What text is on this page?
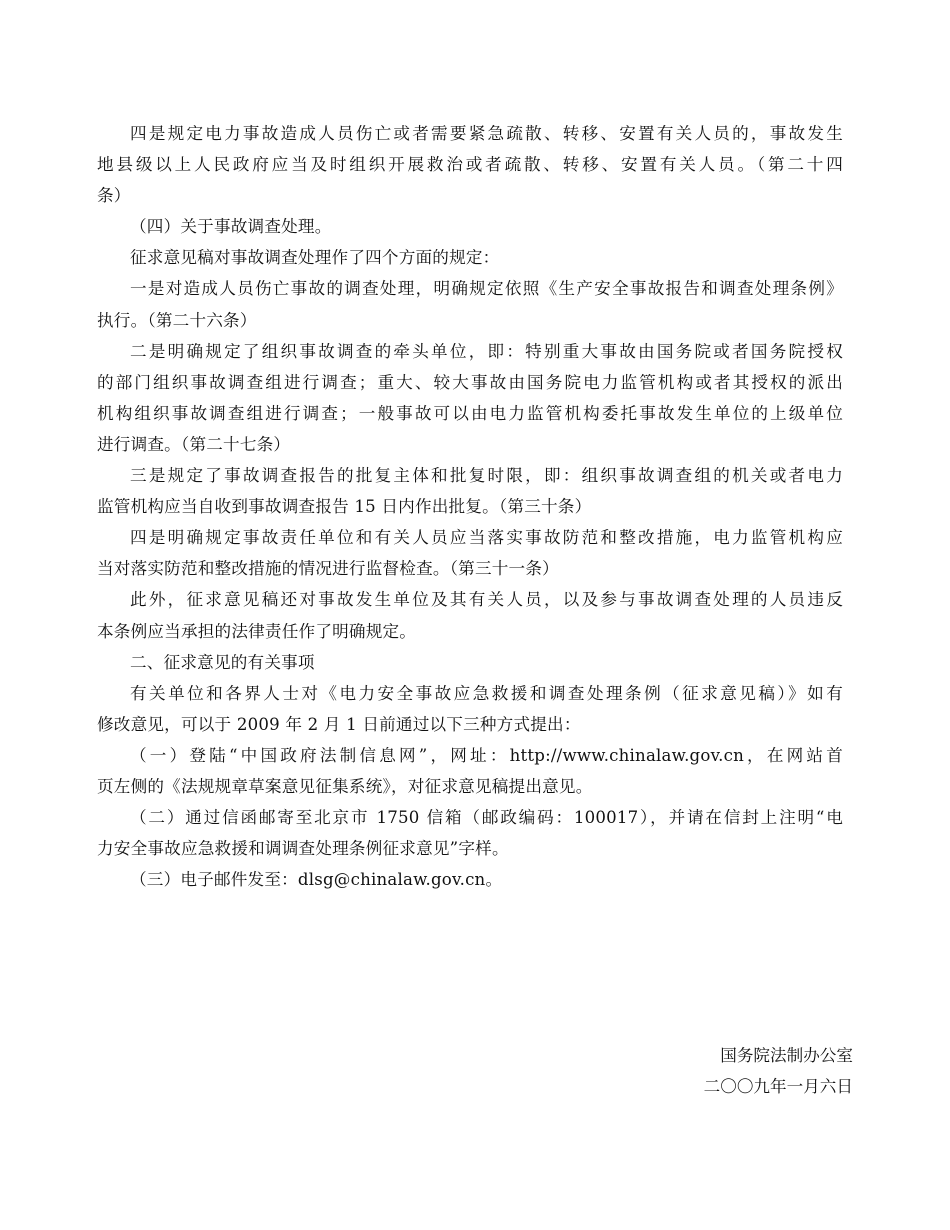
四是规定电力事故造成人员伤亡或者需要紧急疏散、转移、安置有关人员的，事故发生
地县级以上人民政府应当及时组织开展救治或者疏散、转移、安置有关人员。（第二十四
条）
（四）关于事故调查处理。
征求意见稿对事故调查处理作了四个方面的规定：
一是对造成人员伤亡事故的调查处理，明确规定依照《生产安全事故报告和调查处理条例》
执行。（第二十六条）
二是明确规定了组织事故调查的牵头单位，即：特别重大事故由国务院或者国务院授权
的部门组织事故调查组进行调查；重大、较大事故由国务院电力监管机构或者其授权的派出
机构组织事故调查组进行调查；一般事故可以由电力监管机构委托事故发生单位的上级单位
进行调查。（第二十七条）
三是规定了事故调查报告的批复主体和批复时限，即：组织事故调查组的机关或者电力
监管机构应当自收到事故调查报告 15 日内作出批复。（第三十条）
四是明确规定事故责任单位和有关人员应当落实事故防范和整改措施，电力监管机构应
当对落实防范和整改措施的情况进行监督检查。（第三十一条）
此外，征求意见稿还对事故发生单位及其有关人员，以及参与事故调查处理的人员违反
本条例应当承担的法律责任作了明确规定。
二、征求意见的有关事项
有关单位和各界人士对《电力安全事故应急救援和调查处理条例（征求意见稿）》如有
修改意见，可以于 2009 年 2 月 1 日前通过以下三种方式提出：
（一）登陆“中国政府法制信息网”，网址：http://www.chinalaw.gov.cn，在网站首
页左侧的《法规规章草案意见征集系统》，对征求意见稿提出意见。
（二）通过信函邮寄至北京市 1750 信箱（邮政编码：100017），并请在信封上注明“电
力安全事故应急救援和调调查处理条例征求意见”字样。
（三）电子邮件发至：dlsg@chinalaw.gov.cn。
国务院法制办公室
二〇〇九年一月六日
